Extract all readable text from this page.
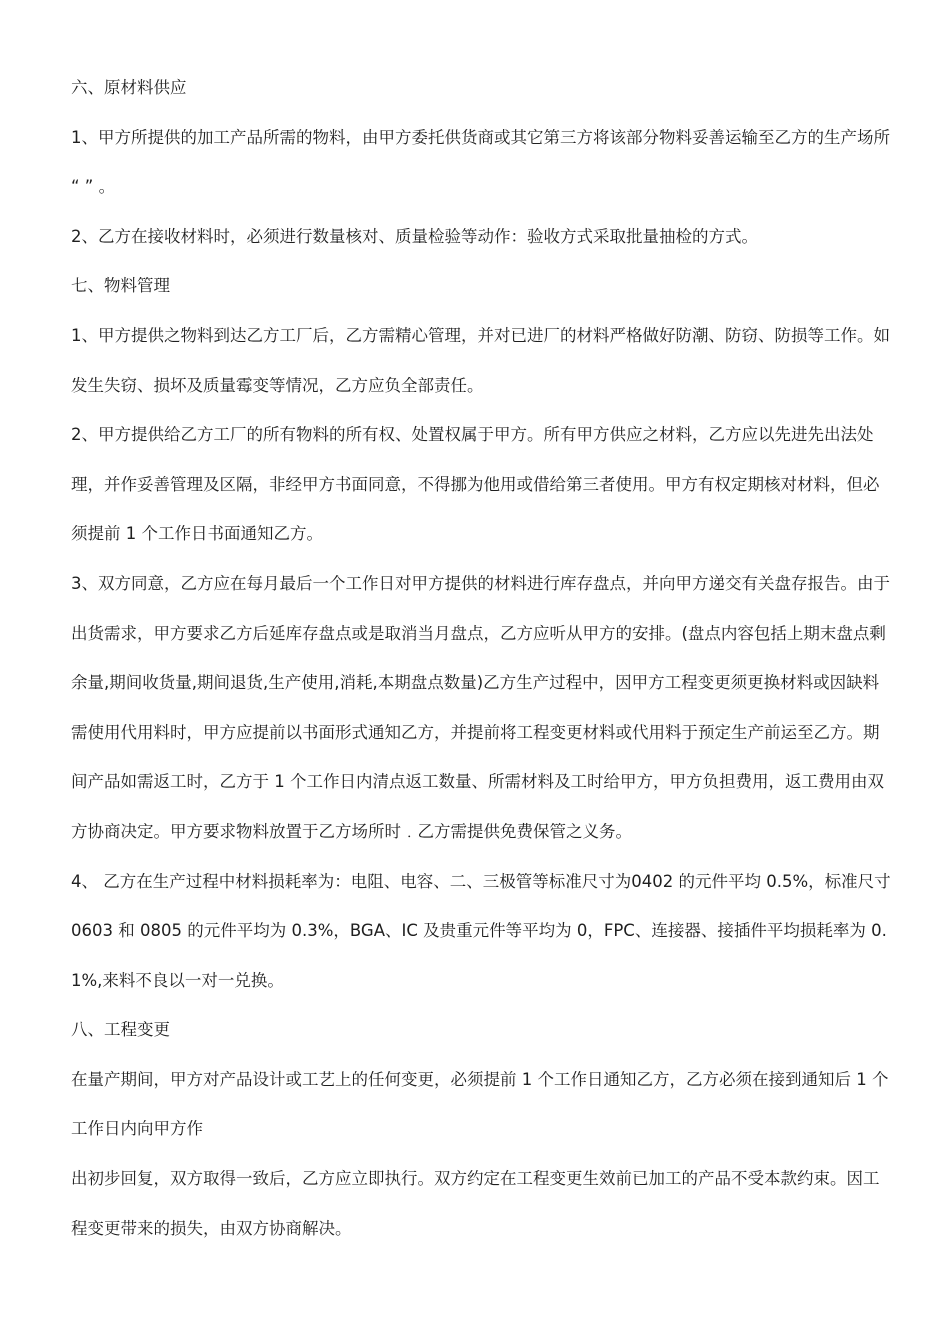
六、原材料供应

1、甲方所提供的加工产品所需的物料，由甲方委托供货商或其它第三方将该部分物料妥善运输至乙方的生产场所 “ ” 。

2、乙方在接收材料时，必须进行数量核对、质量检验等动作：验收方式采取批量抽检的方式。

七、物料管理

1、甲方提供之物料到达乙方工厂后，乙方需精心管理，并对已进厂的材料严格做好防潮、防窃、防损等工作。如发生失窃、损坏及质量霉变等情况，乙方应负全部责任。

2、甲方提供给乙方工厂的所有物料的所有权、处置权属于甲方。所有甲方供应之材料，乙方应以先进先出法处理，并作妥善管理及区隔，非经甲方书面同意，不得挪为他用或借给第三者使用。甲方有权定期核对材料，但必须提前 1 个工作日书面通知乙方。

3、双方同意，乙方应在每月最后一个工作日对甲方提供的材料进行库存盘点，并向甲方递交有关盘存报告。由于出货需求，甲方要求乙方后延库存盘点或是取消当月盘点，乙方应听从甲方的安排。(盘点内容包括上期末盘点剩余量,期间收货量,期间退货,生产使用,消耗,本期盘点数量)乙方生产过程中，因甲方工程变更须更换材料或因缺料需使用代用料时，甲方应提前以书面形式通知乙方，并提前将工程变更材料或代用料于预定生产前运至乙方。期间产品如需返工时，乙方于 1 个工作日内清点返工数量、所需材料及工时给甲方，甲方负担费用，返工费用由双方协商决定。甲方要求物料放置于乙方场所时﹒乙方需提供免费保管之义务。

4、 乙方在生产过程中材料损耗率为：电阻、电容、二、三极管等标准尺寸为0402 的元件平均 0.5%，标准尺寸 0603 和 0805 的元件平均为 0.3%，BGA、IC 及贵重元件等平均为 0，FPC、连接器、接插件平均损耗率为 0.1%,来料不良以一对一兑换。

八、工程变更

在量产期间，甲方对产品设计或工艺上的任何变更，必须提前 1 个工作日通知乙方，乙方必须在接到通知后 1 个工作日内向甲方作

出初步回复，双方取得一致后，乙方应立即执行。双方约定在工程变更生效前已加工的产品不受本款约束。因工程变更带来的损失，由双方协商解决。
